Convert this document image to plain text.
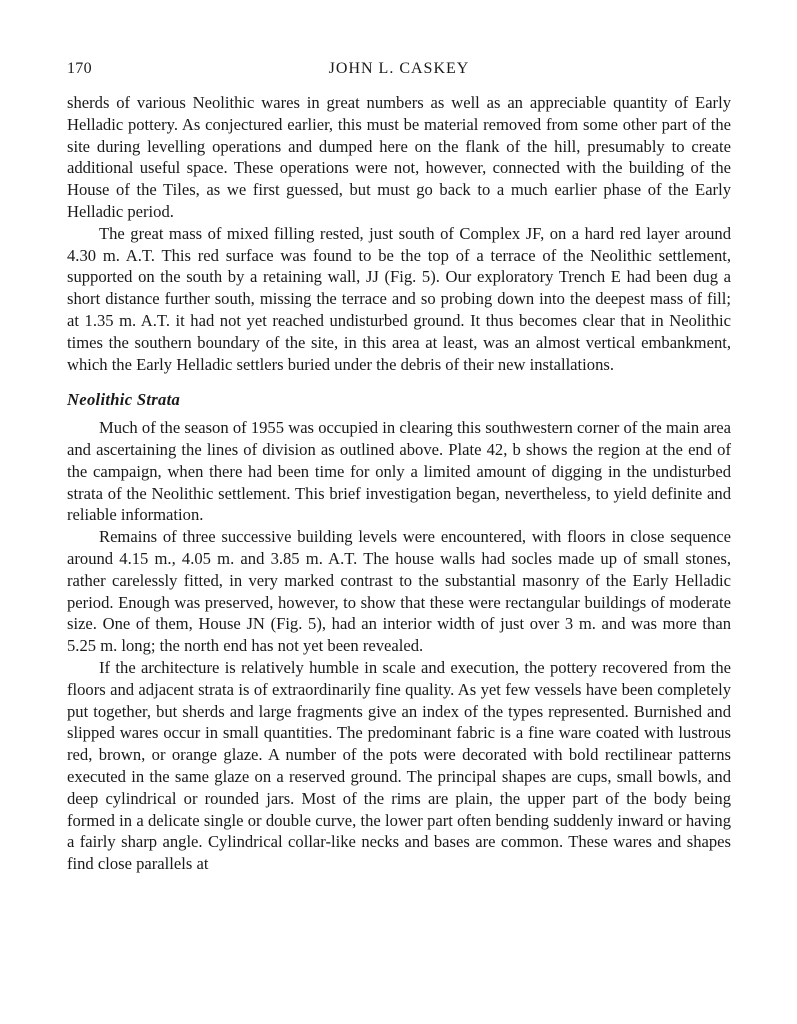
170	JOHN L. CASKEY

sherds of various Neolithic wares in great numbers as well as an appreciable quantity of Early Helladic pottery. As conjectured earlier, this must be material removed from some other part of the site during levelling operations and dumped here on the flank of the hill, presumably to create additional useful space. These operations were not, however, connected with the building of the House of the Tiles, as we first guessed, but must go back to a much earlier phase of the Early Helladic period.

The great mass of mixed filling rested, just south of Complex JF, on a hard red layer around 4.30 m. A.T. This red surface was found to be the top of a terrace of the Neolithic settlement, supported on the south by a retaining wall, JJ (Fig. 5). Our exploratory Trench E had been dug a short distance further south, missing the terrace and so probing down into the deepest mass of fill; at 1.35 m. A.T. it had not yet reached undisturbed ground. It thus becomes clear that in Neolithic times the southern boundary of the site, in this area at least, was an almost vertical embankment, which the Early Helladic settlers buried under the debris of their new installations.

Neolithic Strata

Much of the season of 1955 was occupied in clearing this southwestern corner of the main area and ascertaining the lines of division as outlined above. Plate 42, b shows the region at the end of the campaign, when there had been time for only a limited amount of digging in the undisturbed strata of the Neolithic settlement. This brief investigation began, nevertheless, to yield definite and reliable information.

Remains of three successive building levels were encountered, with floors in close sequence around 4.15 m., 4.05 m. and 3.85 m. A.T. The house walls had socles made up of small stones, rather carelessly fitted, in very marked contrast to the substantial masonry of the Early Helladic period. Enough was preserved, however, to show that these were rectangular buildings of moderate size. One of them, House JN (Fig. 5), had an interior width of just over 3 m. and was more than 5.25 m. long; the north end has not yet been revealed.

If the architecture is relatively humble in scale and execution, the pottery recovered from the floors and adjacent strata is of extraordinarily fine quality. As yet few vessels have been completely put together, but sherds and large fragments give an index of the types represented. Burnished and slipped wares occur in small quantities. The predominant fabric is a fine ware coated with lustrous red, brown, or orange glaze. A number of the pots were decorated with bold rectilinear patterns executed in the same glaze on a reserved ground. The principal shapes are cups, small bowls, and deep cylindrical or rounded jars. Most of the rims are plain, the upper part of the body being formed in a delicate single or double curve, the lower part often bending suddenly inward or having a fairly sharp angle. Cylindrical collar-like necks and bases are common. These wares and shapes find close parallels at
